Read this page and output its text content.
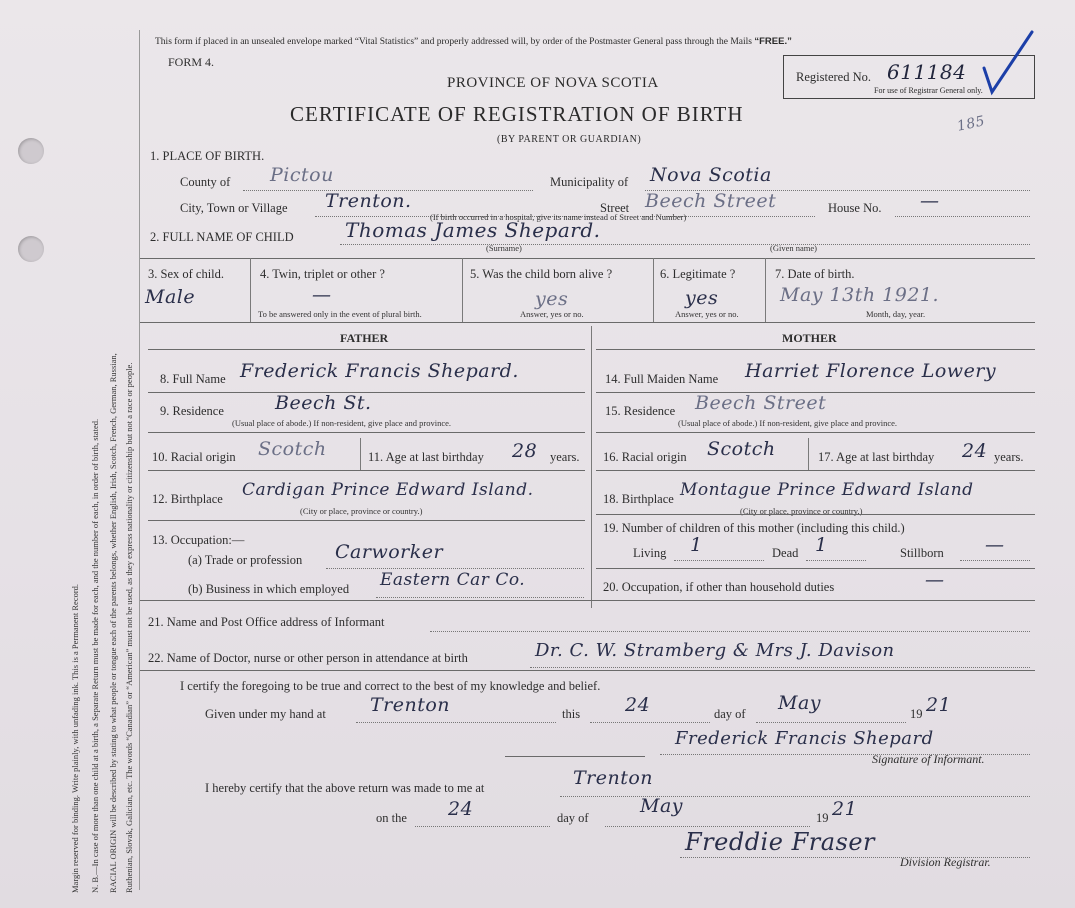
Margin reserved for binding. Write plainly, with unfading ink. This is a Permanent Record. N. B.—In case of more than one child at a birth, a Separate Return must be made for each, and the number of each, in order of birth, stated. RACIAL ORIGIN will be described by stating to what people or tongue each of the parents belongs, whether English, Irish, Scotch, French, German, Russian, Ruthenian, Slovak, Galician, etc. The words “Canadian” or “American” must not be used, as they express nationality or citizenship but not a race or people.
This form if placed in an unsealed envelope marked “Vital Statistics” and properly addressed will, by order of the Postmaster General pass through the Mails “FREE.”
FORM 4.
PROVINCE OF NOVA SCOTIA
CERTIFICATE OF REGISTRATION OF BIRTH
(BY PARENT OR GUARDIAN)
Registered No. 611184
For use of Registrar General only.
185
1. PLACE OF BIRTH.
County of Pictou	Municipality of Nova Scotia
City, Town or Village Trenton.	Street Beech Street	House No. —
(If birth occurred in a hospital, give its name instead of Street and Number)
2. FULL NAME OF CHILD	Thomas James Shepard.
(Surname)	(Given name)
3. Sex of child.
Male
4. Twin, triplet or other ?
—
To be answered only in the event of plural birth.
5. Was the child born alive ?
yes
Answer, yes or no.
6. Legitimate ?
yes
Answer, yes or no.
7. Date of birth.
May 13th 1921.
Month, day, year.
FATHER	MOTHER
8. Full Name Frederick Francis Shepard.
9. Residence	Beech St.
(Usual place of abode.) If non-resident, give place and province.
10. Racial origin Scotch	11. Age at last birthday 28 years.
12. Birthplace Cardigan Prince Edward Island.
(City or place, province or country.)
13. Occupation:—
(a) Trade or profession Carworker
(b) Business in which employed Eastern Car Co.
14. Full Maiden Name Harriet Florence Lowery
15. Residence Beech Street
(Usual place of abode.) If non-resident, give place and province.
16. Racial origin Scotch	17. Age at last birthday 24 years.
18. Birthplace Montague Prince Edward Island
(City or place, province or country.)
19. Number of children of this mother (including this child.)
Living 1	Dead 1	Stillborn —
20. Occupation, if other than household duties	—
21. Name and Post Office address of Informant
22. Name of Doctor, nurse or other person in attendance at birth	Dr. C. W. Stramberg & Mrs J. Davison
I certify the foregoing to be true and correct to the best of my knowledge and belief.
Given under my hand at Trenton	this 24	day of May	19 21
Frederick Francis Shepard
Signature of Informant.
I hereby certify that the above return was made to me at	Trenton
on the 24	day of
May
19 21
Freddie Fraser
Division Registrar.
